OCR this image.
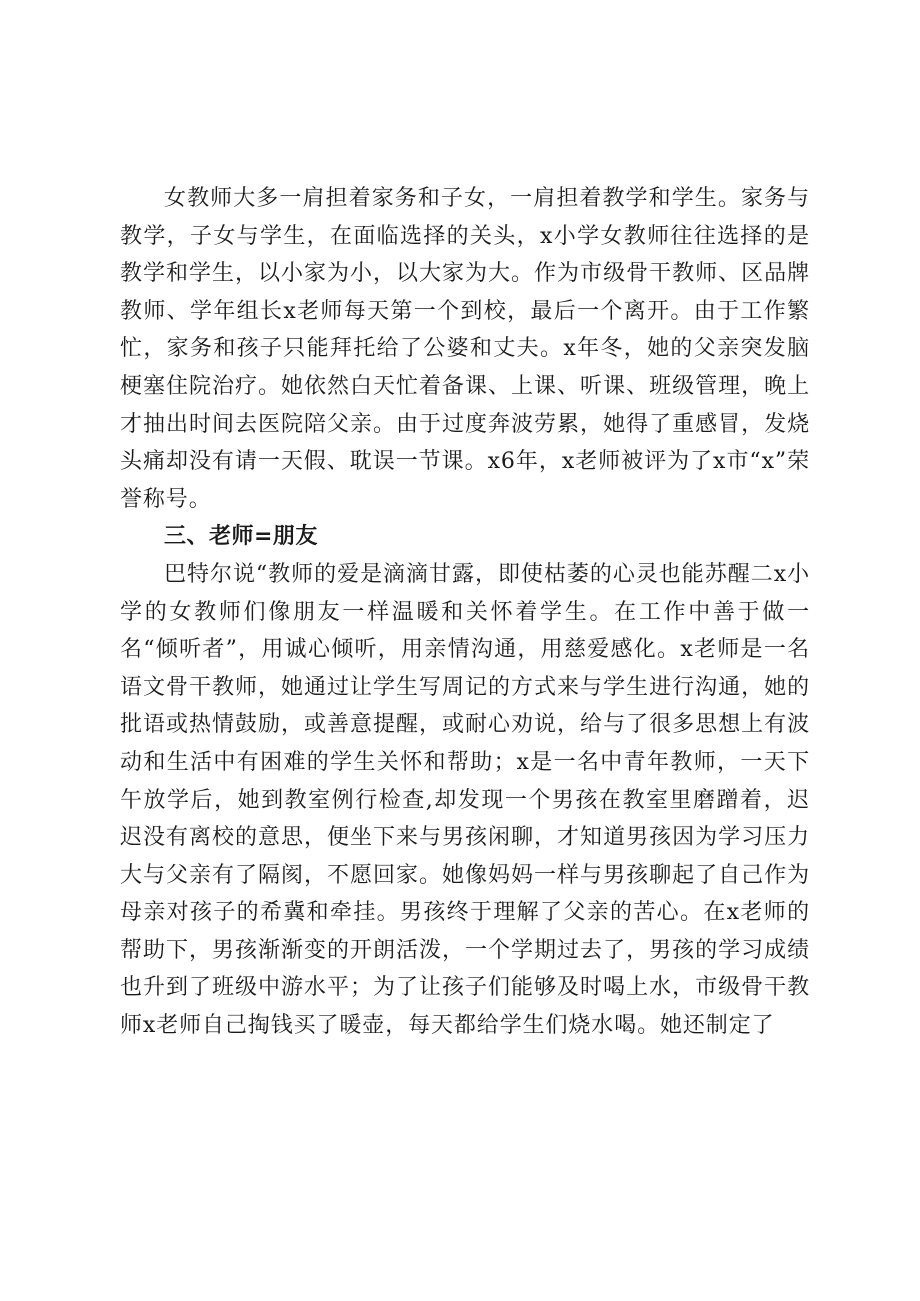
女教师大多一肩担着家务和子女，一肩担着教学和学生。家务与教学，子女与学生，在面临选择的关头，x小学女教师往往选择的是教学和学生，以小家为小，以大家为大。作为市级骨干教师、区品牌教师、学年组长x老师每天第一个到校，最后一个离开。由于工作繁忙，家务和孩子只能拜托给了公婆和丈夫。x年冬，她的父亲突发脑梗塞住院治疗。她依然白天忙着备课、上课、听课、班级管理，晚上才抽出时间去医院陪父亲。由于过度奔波劳累，她得了重感冒，发烧头痛却没有请一天假、耽误一节课。x6年，x老师被评为了x市“x”荣誉称号。

三、老师=朋友

巴特尔说“教师的爱是滴滴甘露，即使枯萎的心灵也能苏醒二x小学的女教师们像朋友一样温暖和关怀着学生。在工作中善于做一名“倾听者”，用诚心倾听，用亲情沟通，用慈爱感化。x老师是一名语文骨干教师，她通过让学生写周记的方式来与学生进行沟通，她的批语或热情鼓励，或善意提醒，或耐心劝说，给与了很多思想上有波动和生活中有困难的学生关怀和帮助；x是一名中青年教师，一天下午放学后，她到教室例行检查,却发现一个男孩在教室里磨蹭着，迟迟没有离校的意思，便坐下来与男孩闲聊，才知道男孩因为学习压力大与父亲有了隔阂，不愿回家。她像妈妈一样与男孩聊起了自己作为母亲对孩子的希冀和牵挂。男孩终于理解了父亲的苦心。在x老师的帮助下，男孩渐渐变的开朗活泼，一个学期过去了，男孩的学习成绩也升到了班级中游水平；为了让孩子们能够及时喝上水，市级骨干教师x老师自己掏钱买了暖壶，每天都给学生们烧水喝。她还制定了
